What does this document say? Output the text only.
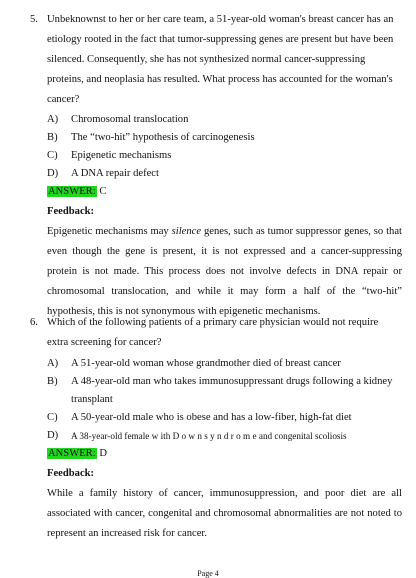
5. Unbeknownst to her or her care team, a 51-year-old woman's breast cancer has an etiology rooted in the fact that tumor-suppressing genes are present but have been silenced. Consequently, she has not synthesized normal cancer-suppressing proteins, and neoplasia has resulted. What process has accounted for the woman's cancer?
A) Chromosomal translocation
B) The “two-hit” hypothesis of carcinogenesis
C) Epigenetic mechanisms
D) A DNA repair defect
ANSWER: C
Feedback:
Epigenetic mechanisms may silence genes, such as tumor suppressor genes, so that even though the gene is present, it is not expressed and a cancer-suppressing protein is not made. This process does not involve defects in DNA repair or chromosomal translocation, and while it may form a half of the “two-hit” hypothesis, this is not synonymous with epigenetic mechanisms.
6. Which of the following patients of a primary care physician would not require extra screening for cancer?
A) A 51-year-old woman whose grandmother died of breast cancer
B) A 48-year-old man who takes immunosuppressant drugs following a kidney transplant
C) A 50-year-old male who is obese and has a low-fiber, high-fat diet
D) A 38-year-old female w ith D o w n s y n d r o m e and congenital scoliosis
ANSWER: D
Feedback:
While a family history of cancer, immunosuppression, and poor diet are all associated with cancer, congenital and chromosomal abnormalities are not noted to represent an increased risk for cancer.
Page 4
